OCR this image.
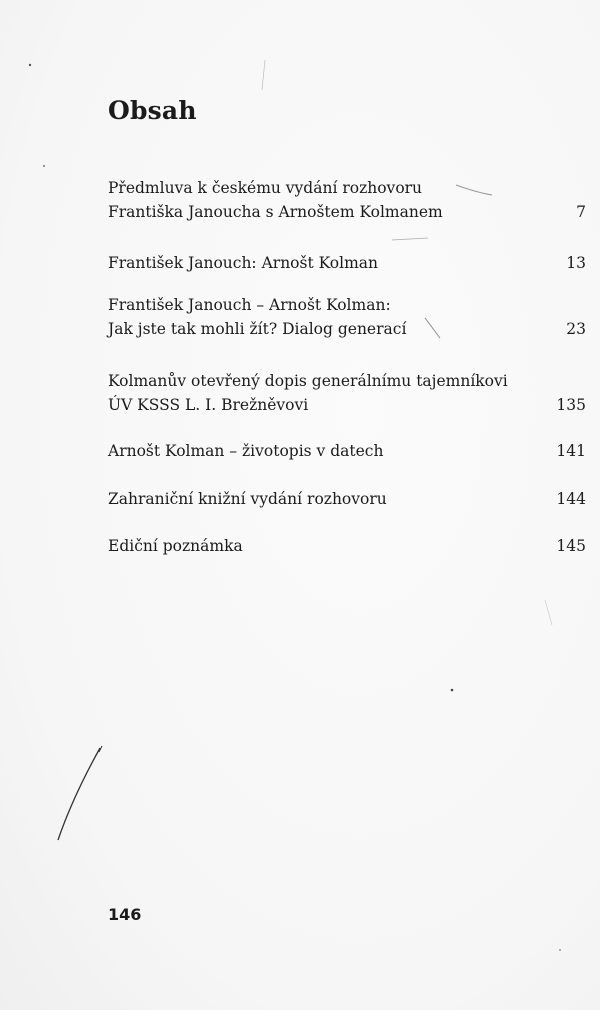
Obsah
Předmluva k českému vydání rozhovoru
Františka Janoucha s Arnoštem Kolmanem	7
František Janouch: Arnošt Kolman	13
František Janouch – Arnošt Kolman:
Jak jste tak mohli žít? Dialog generací	23
Kolmanův otevřený dopis generálnímu tajemníkovi
ÚV KSSS L. I. Brežněvovi	135
Arnošt Kolman – životopis v datech	141
Zahraniční knižní vydání rozhovoru	144
Ediční poznámka	145
146
